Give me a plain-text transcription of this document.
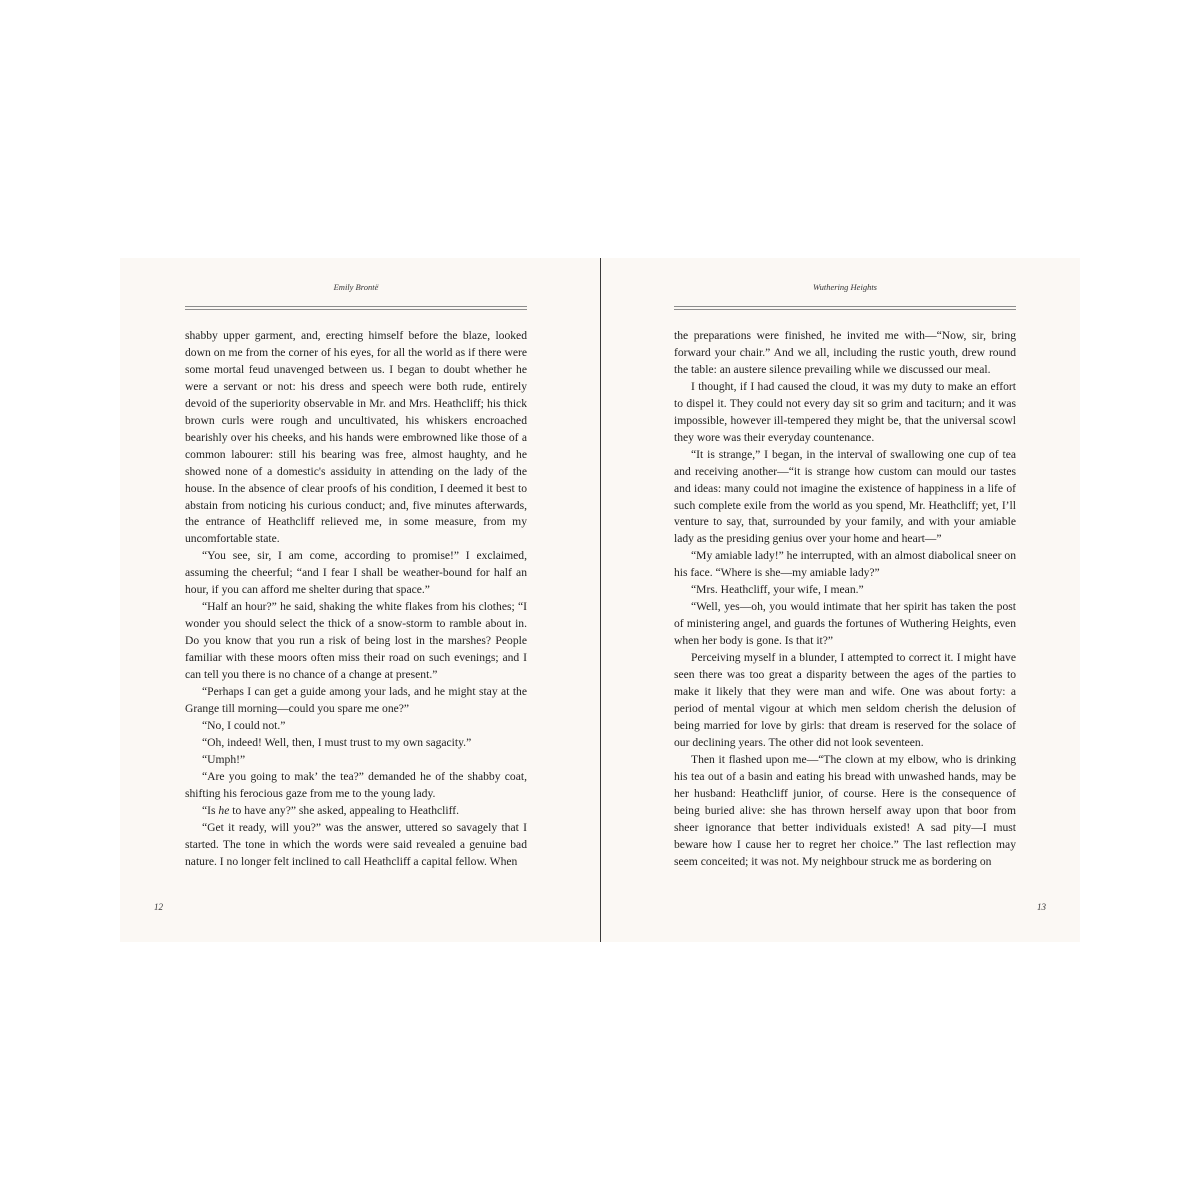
Emily Brontë

shabby upper garment, and, erecting himself before the blaze, looked down on me from the corner of his eyes, for all the world as if there were some mortal feud unavenged between us. I began to doubt whether he were a servant or not: his dress and speech were both rude, entirely devoid of the superiority observable in Mr. and Mrs. Heathcliff; his thick brown curls were rough and uncultivated, his whiskers encroached bearishly over his cheeks, and his hands were embrowned like those of a common labourer: still his bearing was free, almost haughty, and he showed none of a domestic's assiduity in attending on the lady of the house. In the absence of clear proofs of his condition, I deemed it best to abstain from noticing his curious conduct; and, five minutes afterwards, the entrance of Heathcliff relieved me, in some measure, from my uncomfortable state.

“You see, sir, I am come, according to promise!” I exclaimed, assuming the cheerful; “and I fear I shall be weather-bound for half an hour, if you can afford me shelter during that space.”

“Half an hour?” he said, shaking the white flakes from his clothes; “I wonder you should select the thick of a snow-storm to ramble about in. Do you know that you run a risk of being lost in the marshes? People familiar with these moors often miss their road on such evenings; and I can tell you there is no chance of a change at present.”

“Perhaps I can get a guide among your lads, and he might stay at the Grange till morning—could you spare me one?”

“No, I could not.”

“Oh, indeed! Well, then, I must trust to my own sagacity.”

“Umph!”

“Are you going to mak’ the tea?” demanded he of the shabby coat, shifting his ferocious gaze from me to the young lady.

“Is he to have any?” she asked, appealing to Heathcliff.

“Get it ready, will you?” was the answer, uttered so savagely that I started. The tone in which the words were said revealed a genuine bad nature. I no longer felt inclined to call Heathcliff a capital fellow. When

12
Wuthering Heights

the preparations were finished, he invited me with—“Now, sir, bring forward your chair.” And we all, including the rustic youth, drew round the table: an austere silence prevailing while we discussed our meal.

I thought, if I had caused the cloud, it was my duty to make an effort to dispel it. They could not every day sit so grim and taciturn; and it was impossible, however ill-tempered they might be, that the universal scowl they wore was their everyday countenance.

“It is strange,” I began, in the interval of swallowing one cup of tea and receiving another—“it is strange how custom can mould our tastes and ideas: many could not imagine the existence of happiness in a life of such complete exile from the world as you spend, Mr. Heathcliff; yet, I’ll venture to say, that, surrounded by your family, and with your amiable lady as the presiding genius over your home and heart—”

“My amiable lady!” he interrupted, with an almost diabolical sneer on his face. “Where is she—my amiable lady?”

“Mrs. Heathcliff, your wife, I mean.”

“Well, yes—oh, you would intimate that her spirit has taken the post of ministering angel, and guards the fortunes of Wuthering Heights, even when her body is gone. Is that it?”

Perceiving myself in a blunder, I attempted to correct it. I might have seen there was too great a disparity between the ages of the parties to make it likely that they were man and wife. One was about forty: a period of mental vigour at which men seldom cherish the delusion of being married for love by girls: that dream is reserved for the solace of our declining years. The other did not look seventeen.

Then it flashed upon me—“The clown at my elbow, who is drinking his tea out of a basin and eating his bread with unwashed hands, may be her husband: Heathcliff junior, of course. Here is the consequence of being buried alive: she has thrown herself away upon that boor from sheer ignorance that better individuals existed! A sad pity—I must beware how I cause her to regret her choice.” The last reflection may seem conceited; it was not. My neighbour struck me as bordering on

13
